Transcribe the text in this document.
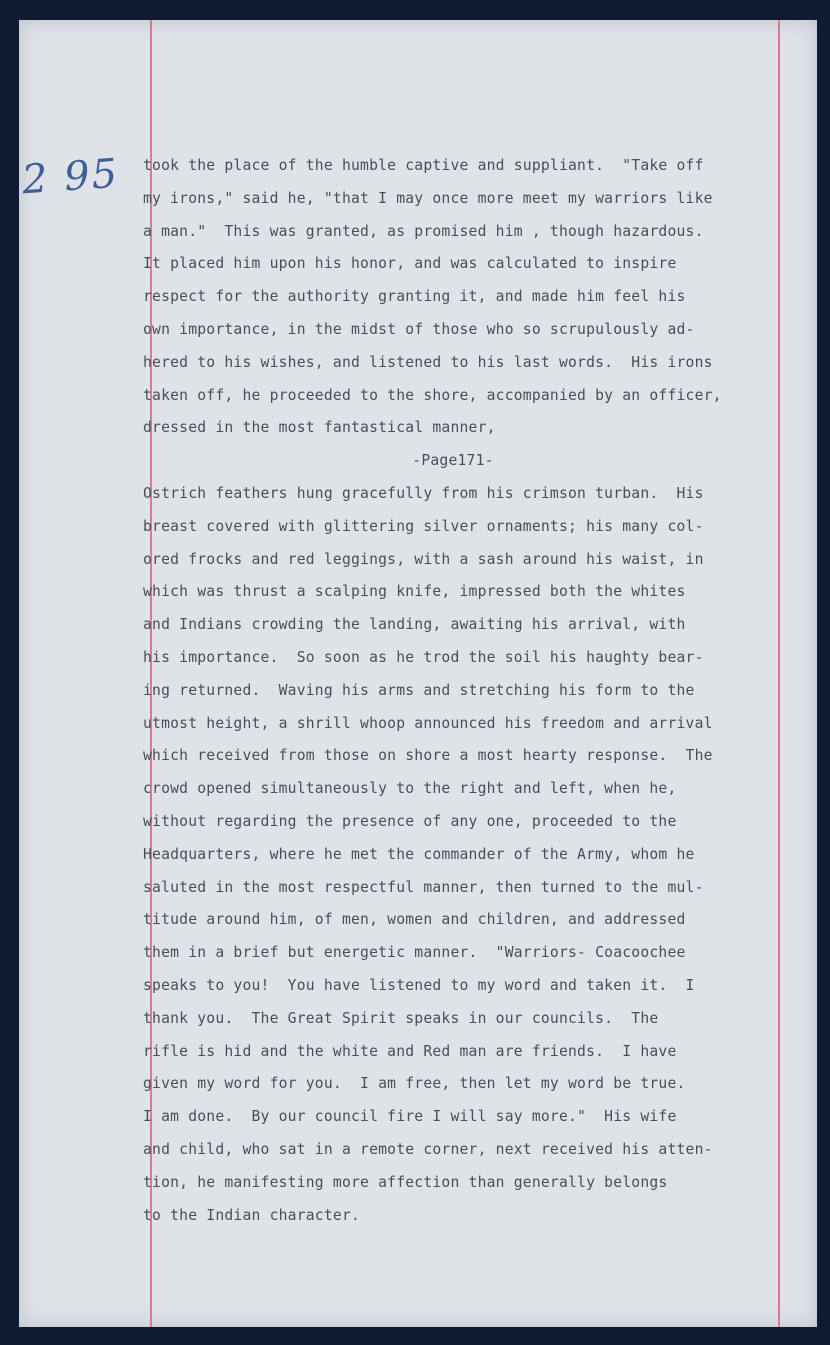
2 95 took the place of the humble captive and suppliant.  "Take off
my irons," said he, "that I may once more meet my warriors like
a man."  This was granted, as promised him , though hazardous.
It placed him upon his honor, and was calculated to inspire
respect for the authority granting it, and made him feel his
own importance, in the midst of those who so scrupulously ad-
hered to his wishes, and listened to his last words.  His irons
taken off, he proceeded to the shore, accompanied by an officer,
dressed in the most fantastical manner,
-Page171-
Ostrich feathers hung gracefully from his crimson turban.  His
breast covered with glittering silver ornaments; his many col-
ored frocks and red leggings, with a sash around his waist, in
which was thrust a scalping knife, impressed both the whites
and Indians crowding the landing, awaiting his arrival, with
his importance.  So soon as he trod the soil his haughty bear-
ing returned.  Waving his arms and stretching his form to the
utmost height, a shrill whoop announced his freedom and arrival
which received from those on shore a most hearty response.  The
crowd opened simultaneously to the right and left, when he,
without regarding the presence of any one, proceeded to the
Headquarters, where he met the commander of the Army, whom he
saluted in the most respectful manner, then turned to the mul-
titude around him, of men, women and children, and addressed
them in a brief but energetic manner.  "Warriors- Coacoochee
speaks to you!  You have listened to my word and taken it.  I
thank you.  The Great Spirit speaks in our councils.  The
rifle is hid and the white and Red man are friends.  I have
given my word for you.  I am free, then let my word be true.
I am done.  By our council fire I will say more."  His wife
and child, who sat in a remote corner, next received his atten-
tion, he manifesting more affection than generally belongs
to the Indian character.
